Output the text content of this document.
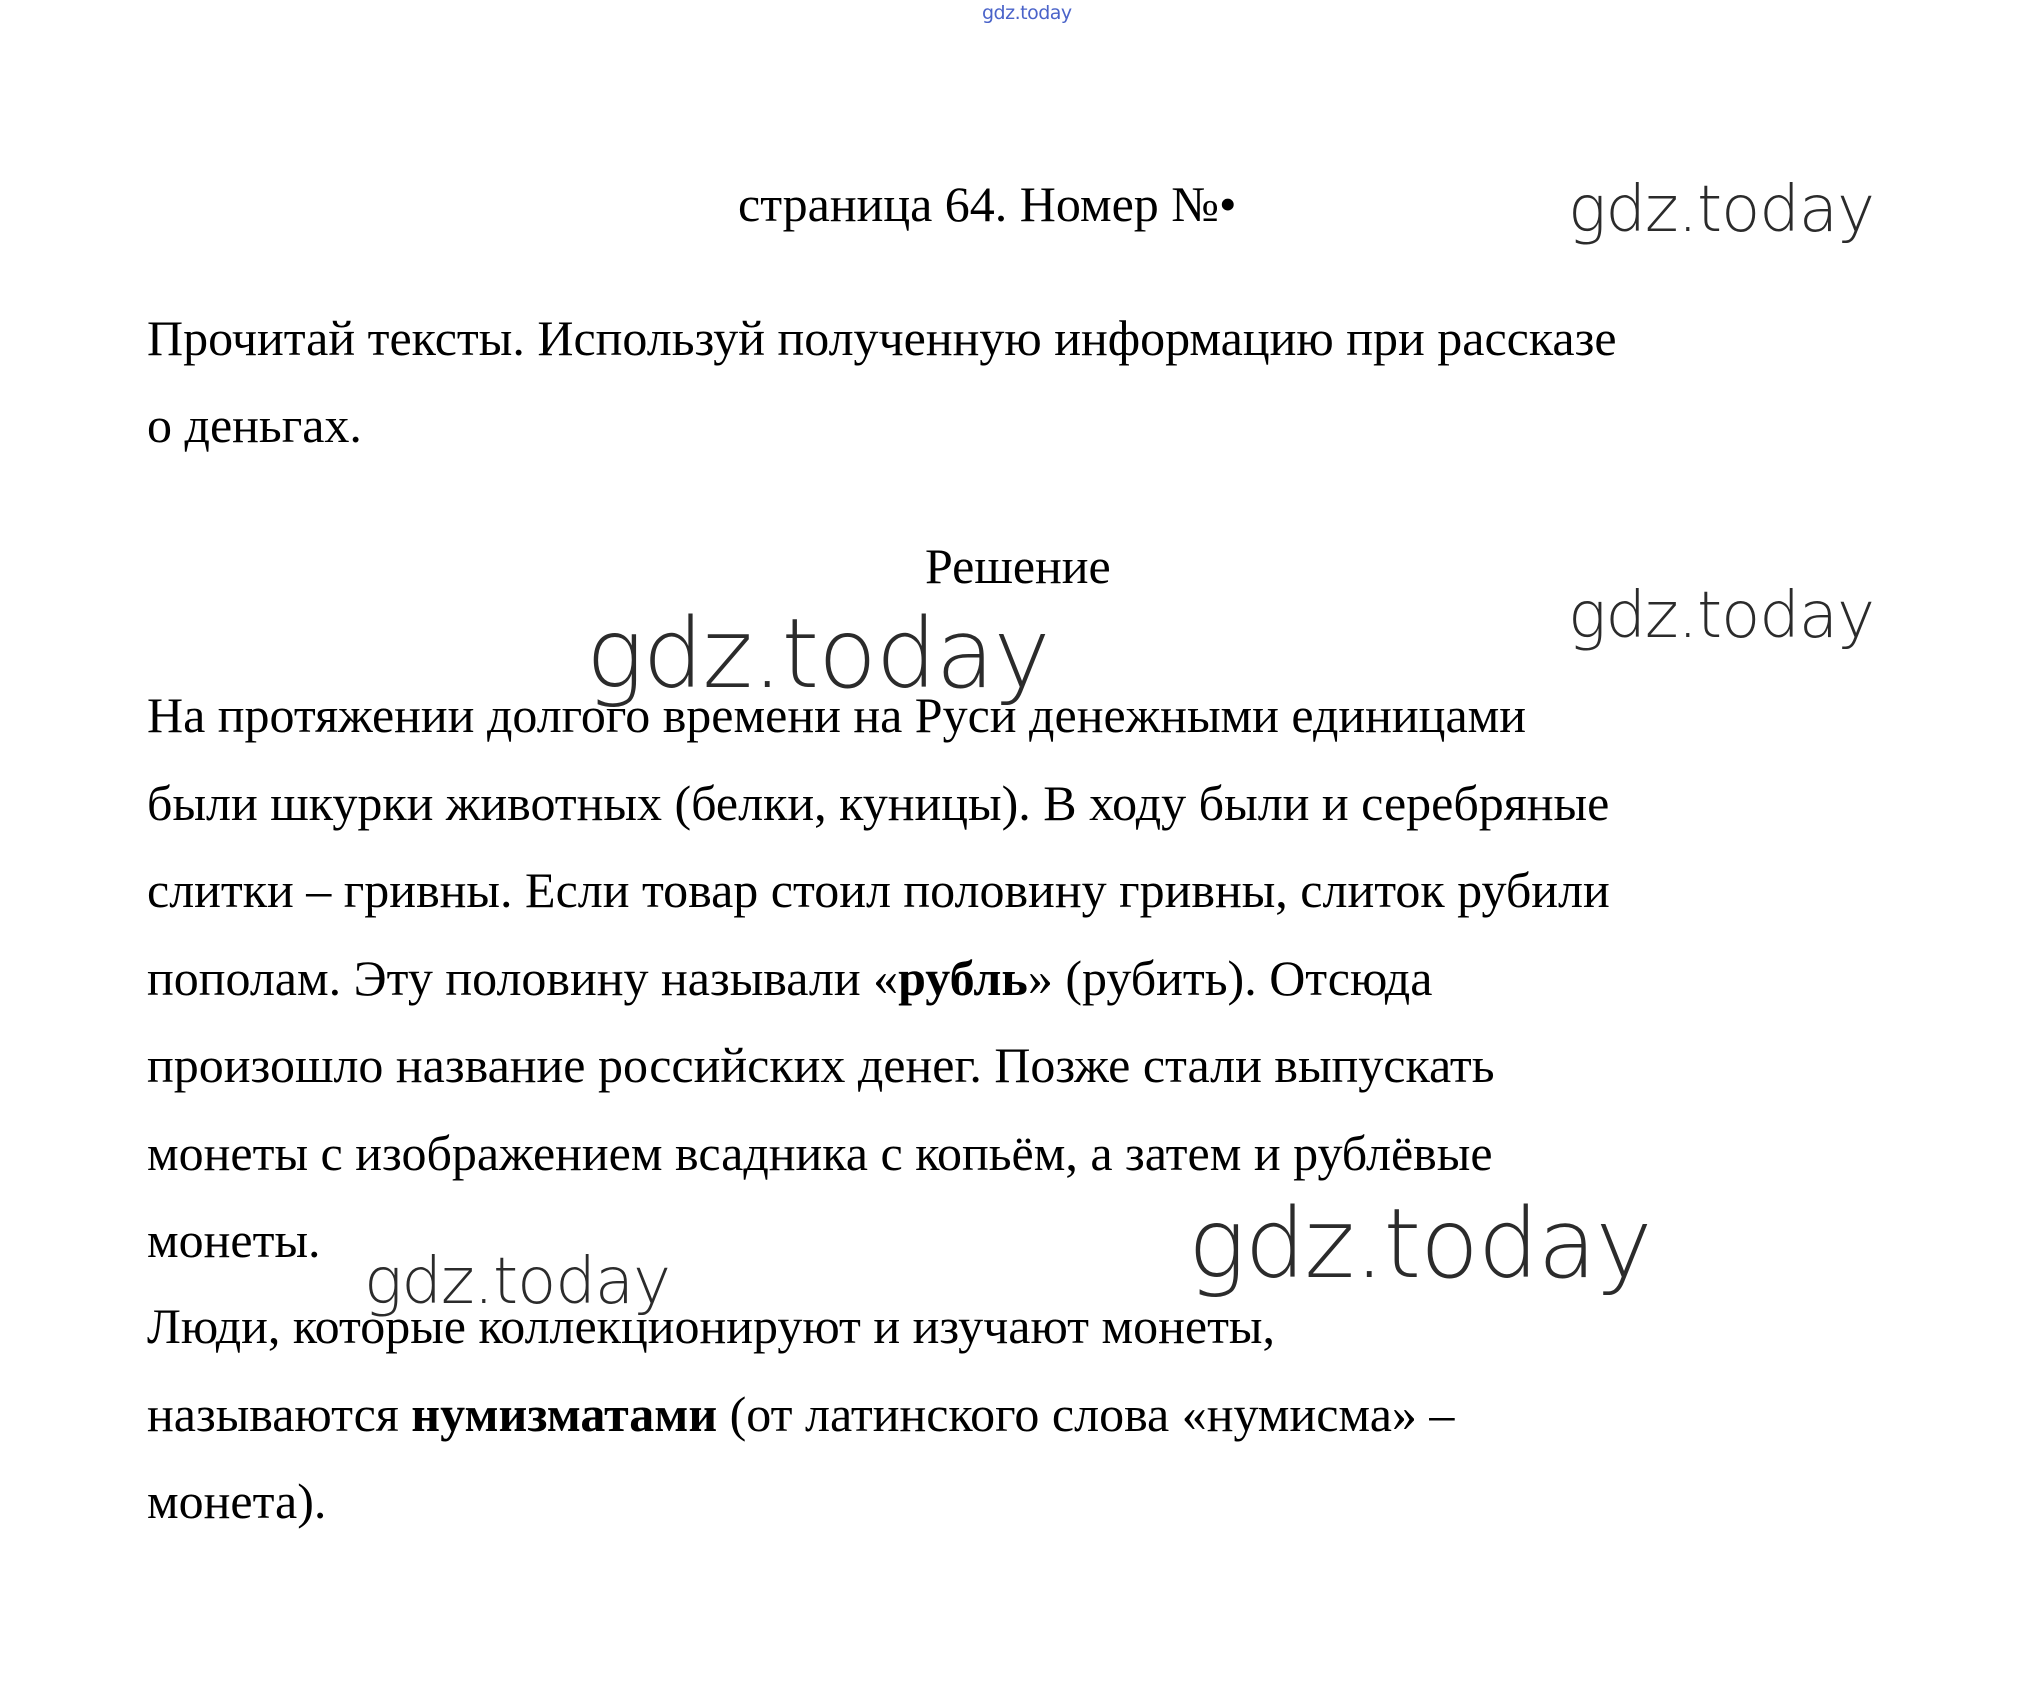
gdz.today
страница 64. Номер №•
Прочитай тексты. Используй полученную информацию при рассказе
о деньгах.
Решение
На протяжении долгого времени на Руси денежными единицами
были шкурки животных (белки, куницы). В ходу были и серебряные
слитки – гривны. Если товар стоил половину гривны, слиток рубили
пополам. Эту половину называли «рубль» (рубить). Отсюда
произошло название российских денег. Позже стали выпускать
монеты с изображением всадника с копьём, а затем и рублёвые
монеты.
Люди, которые коллекционируют и изучают монеты,
называются нумизматами (от латинского слова «нумисма» –
монета).
gdz.today
gdz.today
gdz.today
gdz.today
gdz.today
